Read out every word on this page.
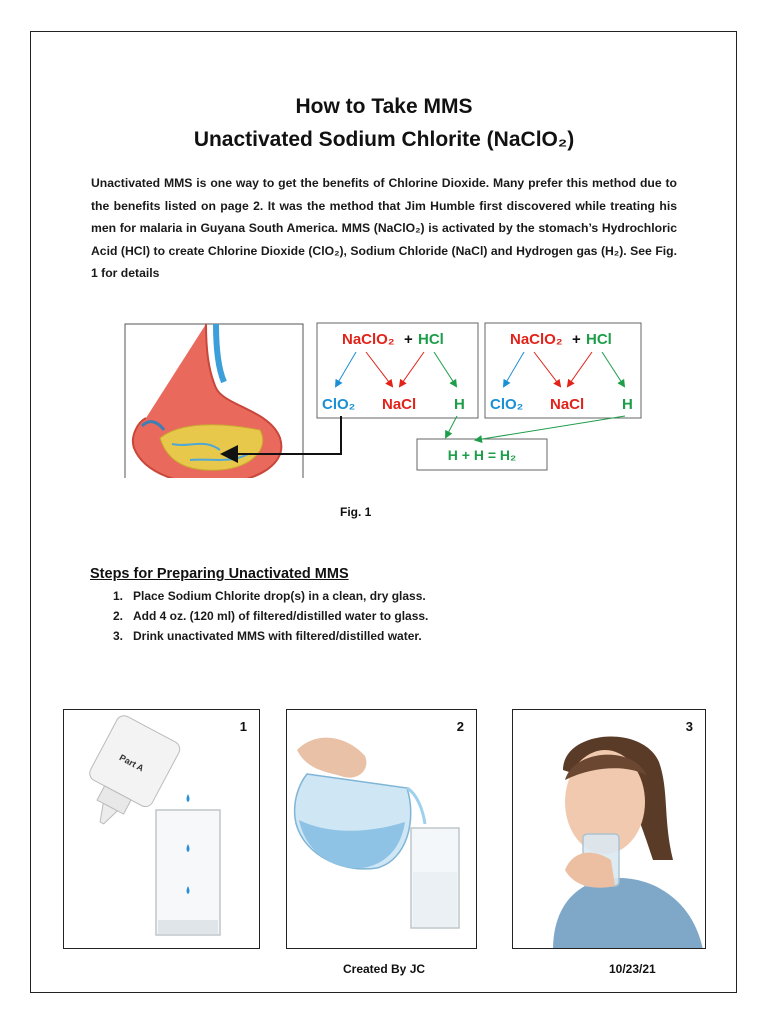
How to Take MMS
Unactivated Sodium Chlorite (NaClO₂)

Unactivated MMS is one way to get the benefits of Chlorine Dioxide. Many prefer this method due to the benefits listed on page 2. It was the method that Jim Humble first discovered while treating his men for malaria in Guyana South America. MMS (NaClO₂) is activated by the stomach’s Hydrochloric Acid (HCl) to create Chlorine Dioxide (ClO₂), Sodium Chloride (NaCl) and Hydrogen gas (H₂). See Fig. 1 for details

NaClO₂ + HCl
ClO₂ NaCl	H
NaClO₂ + HCl
ClO₂ NaCl	H
H + H = H₂
Fig. 1
Steps for Preparing Unactivated MMS
1. Place Sodium Chlorite drop(s) in a clean, dry glass.
2. Add 4 oz. (120 ml) of filtered/distilled water to glass.
3. Drink unactivated MMS with filtered/distilled water.
1
Part A
2	3
Created By JC	10/23/21
